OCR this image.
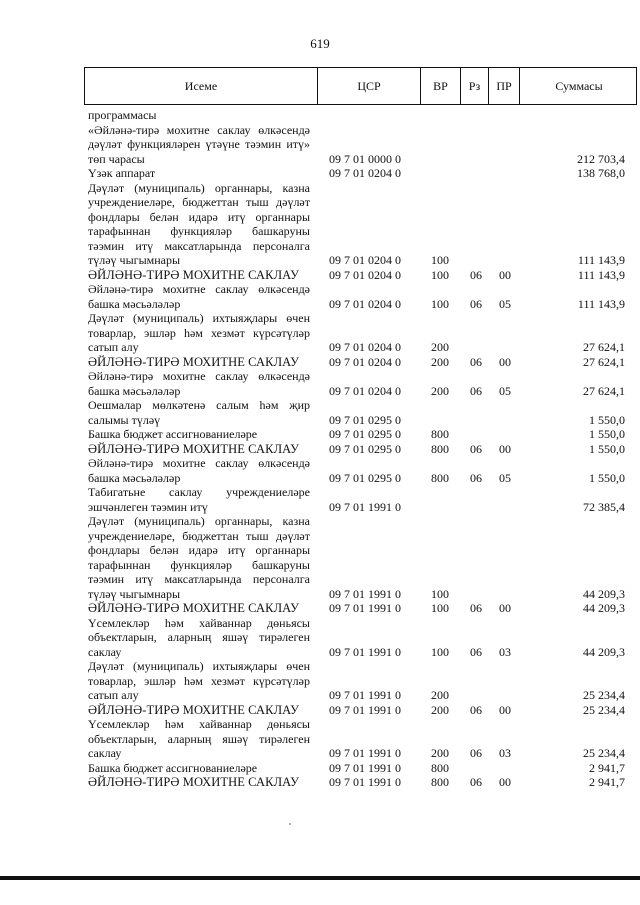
619
Исеме	ЦСР	ВР	Рз	ПР	Суммасы
программасы
«Әйләнә-тирә мохитне саклау өлкәсендә дәүләт функцияләрен үтәүне тәэмин итү» төп чарасы	09 7 01 0000 0	212 703,4
Үзәк аппарат	09 7 01 0204 0	138 768,0
Дәүләт (муниципаль) органнары, казна учреждениеләре, бюджеттан тыш дәүләт фондлары белән идарә итү органнары тарафыннан функцияләр башкаруны тәэмин итү максатларында персоналга түләү чыгымнары	09 7 01 0204 0	100	111 143,9
ӘЙЛӘНӘ-ТИРӘ МОХИТНЕ САКЛАУ	09 7 01 0204 0	100 06 00	111 143,9
Әйләнә-тирә мохитне саклау өлкәсендә башка мәсьәләләр	09 7 01 0204 0	100 06 05	111 143,9
Дәүләт (муниципаль) ихтыяҗлары өчен товарлар, эшләр һәм хезмәт күрсәтүләр сатып алу	09 7 01 0204 0	200	27 624,1
ӘЙЛӘНӘ-ТИРӘ МОХИТНЕ САКЛАУ	09 7 01 0204 0	200 06 00	27 624,1
Әйләнә-тирә мохитне саклау өлкәсендә башка мәсьәләләр	09 7 01 0204 0	200 06 05	27 624,1
Оешмалар мөлкәтенә салым һәм җир салымы түләү	09 7 01 0295 0	1 550,0
Башка бюджет ассигнованиеләре	09 7 01 0295 0	800	1 550,0
ӘЙЛӘНӘ-ТИРӘ МОХИТНЕ САКЛАУ	09 7 01 0295 0	800 06 00	1 550,0
Әйләнә-тирә мохитне саклау өлкәсендә башка мәсьәләләр	09 7 01 0295 0	800 06 05	1 550,0
Табигатьне саклау учреждениеләре эшчәнлеген тәэмин итү	09 7 01 1991 0	72 385,4
Дәүләт (муниципаль) органнары, казна учреждениеләре, бюджеттан тыш дәүләт фондлары белән идарә итү органнары тарафыннан функцияләр башкаруны тәэмин итү максатларында персоналга түләү чыгымнары	09 7 01 1991 0	100	44 209,3
ӘЙЛӘНӘ-ТИРӘ МОХИТНЕ САКЛАУ	09 7 01 1991 0	100 06 00	44 209,3
Үсемлекләр һәм хайваннар дөньясы объектларын, аларның яшәү тирәлеген саклау	09 7 01 1991 0	100 06 03	44 209,3
Дәүләт (муниципаль) ихтыяҗлары өчен товарлар, эшләр һәм хезмәт күрсәтүләр сатып алу	09 7 01 1991 0	200	25 234,4
ӘЙЛӘНӘ-ТИРӘ МОХИТНЕ САКЛАУ	09 7 01 1991 0	200 06 00	25 234,4
Үсемлекләр һәм хайваннар дөньясы объектларын, аларның яшәү тирәлеген саклау	09 7 01 1991 0	200 06 03	25 234,4
Башка бюджет ассигнованиеләре	09 7 01 1991 0	800	2 941,7
ӘЙЛӘНӘ-ТИРӘ МОХИТНЕ САКЛАУ	09 7 01 1991 0	800 06 00	2 941,7
